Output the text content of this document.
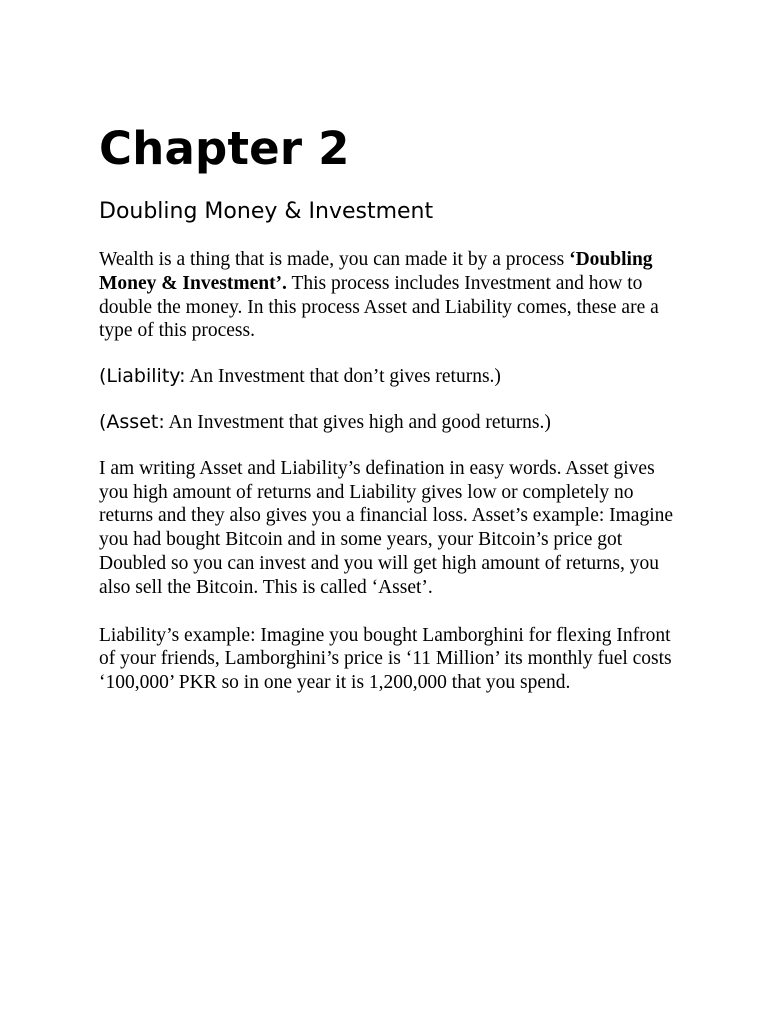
Chapter 2
Doubling Money & Investment

Wealth is a thing that is made, you can made it by a process ‘Doubling Money & Investment’. This process includes Investment and how to double the money. In this process Asset and Liability comes, these are a type of this process.

(Liability: An Investment that don’t gives returns.)

(Asset: An Investment that gives high and good returns.)

I am writing Asset and Liability’s defination in easy words. Asset gives you high amount of returns and Liability gives low or completely no returns and they also gives you a financial loss. Asset’s example: Imagine you had bought Bitcoin and in some years, your Bitcoin’s price got Doubled so you can invest and you will get high amount of returns, you also sell the Bitcoin. This is called ‘Asset’.

Liability’s example: Imagine you bought Lamborghini for flexing Infront of your friends, Lamborghini’s price is ‘11 Million’ its monthly fuel costs ‘100,000’ PKR so in one year it is 1,200,000 that you spend.
